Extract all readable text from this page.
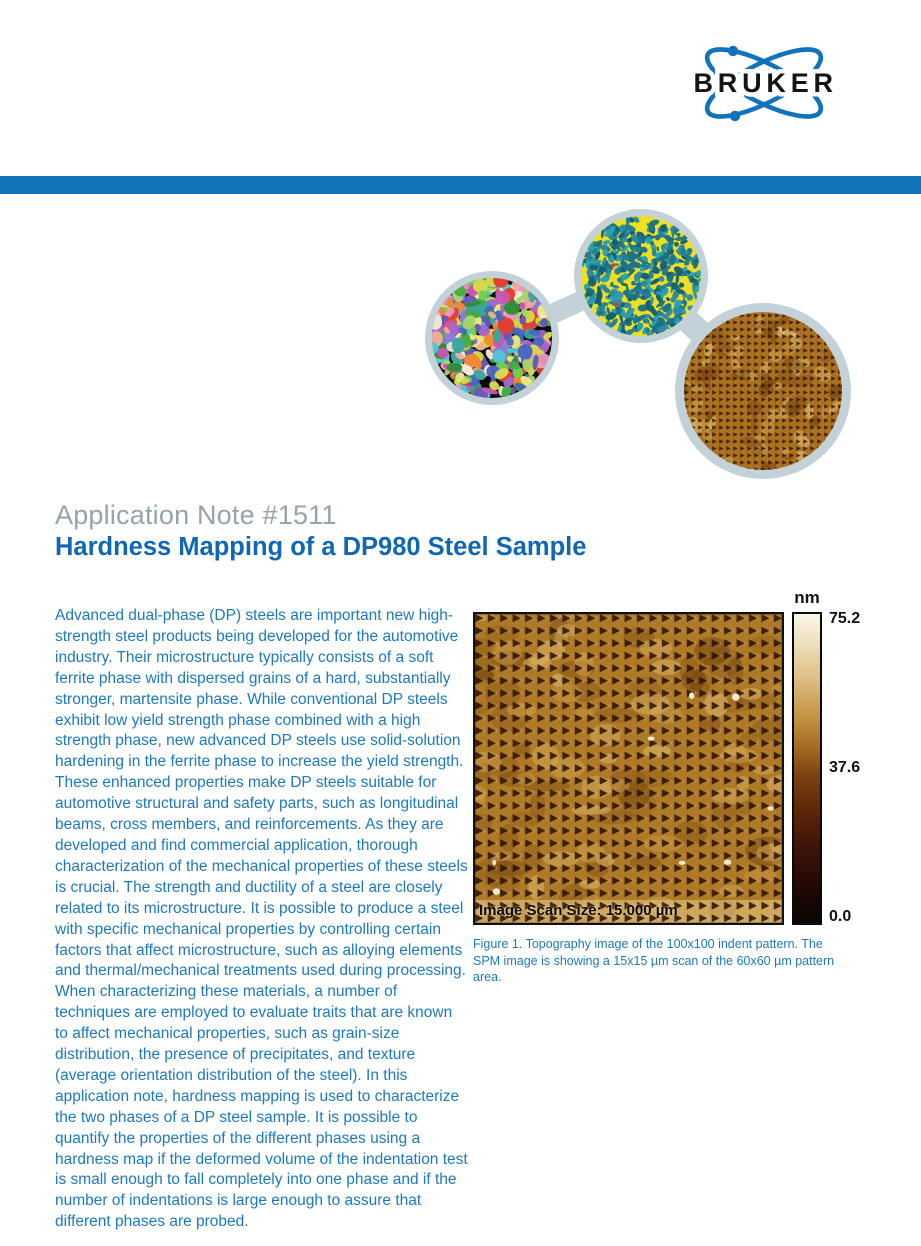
BRUKER
Application Note #1511
Hardness Mapping of a DP980 Steel Sample

Advanced dual-phase (DP) steels are important new high-strength steel products being developed for the automotive industry. Their microstructure typically consists of a soft ferrite phase with dispersed grains of a hard, substantially stronger, martensite phase. While conventional DP steels exhibit low yield strength phase combined with a high strength phase, new advanced DP steels use solid-solution hardening in the ferrite phase to increase the yield strength. These enhanced properties make DP steels suitable for automotive structural and safety parts, such as longitudinal beams, cross members, and reinforcements. As they are developed and find commercial application, thorough characterization of the mechanical properties of these steels is crucial. The strength and ductility of a steel are closely related to its microstructure. It is possible to produce a steel with specific mechanical properties by controlling certain factors that affect microstructure, such as alloying elements and thermal/mechanical treatments used during processing. When characterizing these materials, a number of techniques are employed to evaluate traits that are known to affect mechanical properties, such as grain-size distribution, the presence of precipitates, and texture (average orientation distribution of the steel). In this application note, hardness mapping is used to characterize the two phases of a DP steel sample. It is possible to quantify the properties of the different phases using a hardness map if the deformed volume of the indentation test is small enough to fall completely into one phase and if the number of indentations is large enough to assure that different phases are probed.

Image Scan Size: 15.000 µm
nm
75.2
37.6
0.0
Figure 1. Topography image of the 100x100 indent pattern. The SPM image is showing a 15x15 µm scan of the 60x60 µm pattern area.
